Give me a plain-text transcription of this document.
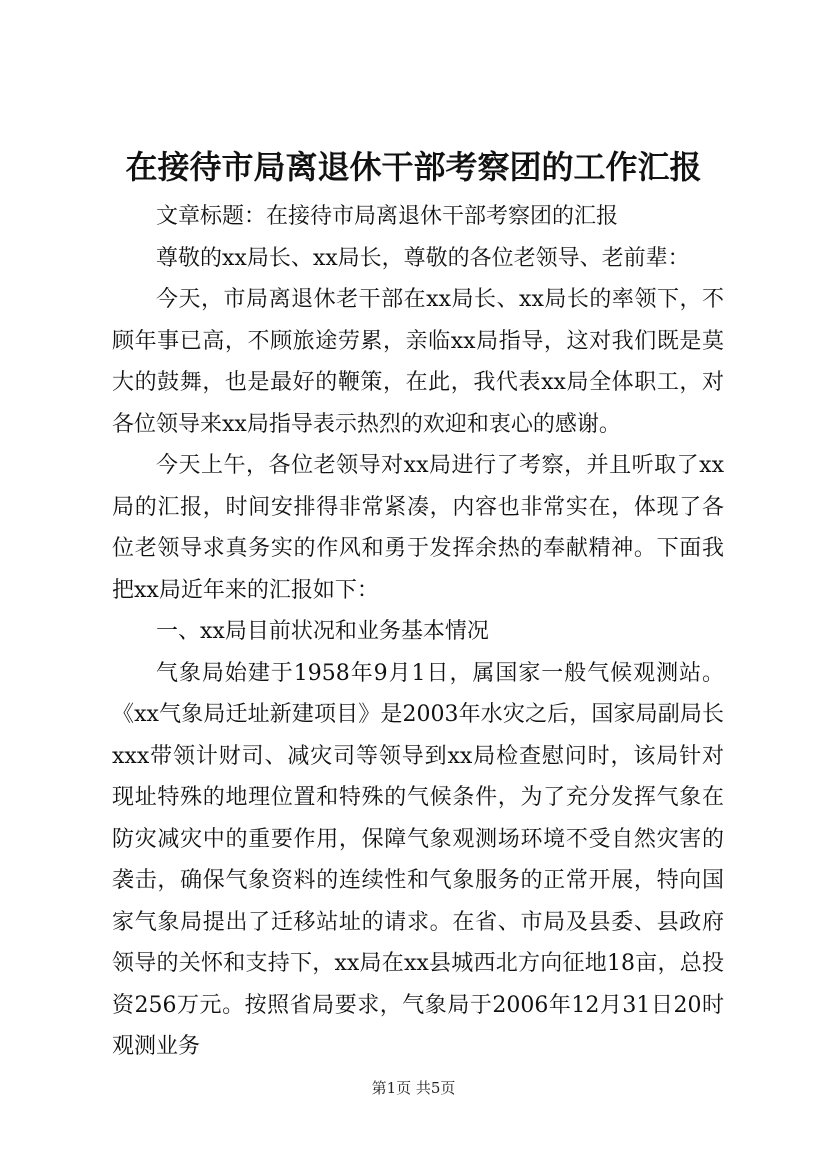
在接待市局离退休干部考察团的工作汇报

文章标题：在接待市局离退休干部考察团的汇报

尊敬的xx局长、xx局长，尊敬的各位老领导、老前辈：

今天，市局离退休老干部在xx局长、xx局长的率领下，不顾年事已高，不顾旅途劳累，亲临xx局指导，这对我们既是莫大的鼓舞，也是最好的鞭策，在此，我代表xx局全体职工，对各位领导来xx局指导表示热烈的欢迎和衷心的感谢。

今天上午，各位老领导对xx局进行了考察，并且听取了xx局的汇报，时间安排得非常紧凑，内容也非常实在，体现了各位老领导求真务实的作风和勇于发挥余热的奉献精神。下面我把xx局近年来的汇报如下：

一、xx局目前状况和业务基本情况

气象局始建于1958年9月1日，属国家一般气候观测站。《xx气象局迁址新建项目》是2003年水灾之后，国家局副局长xxx带领计财司、减灾司等领导到xx局检查慰问时，该局针对现址特殊的地理位置和特殊的气候条件，为了充分发挥气象在防灾减灾中的重要作用，保障气象观测场环境不受自然灾害的袭击，确保气象资料的连续性和气象服务的正常开展，特向国家气象局提出了迁移站址的请求。在省、市局及县委、县政府领导的关怀和支持下，xx局在xx县城西北方向征地18亩，总投资256万元。按照省局要求，气象局于2006年12月31日20时观测业务

第1页 共5页
